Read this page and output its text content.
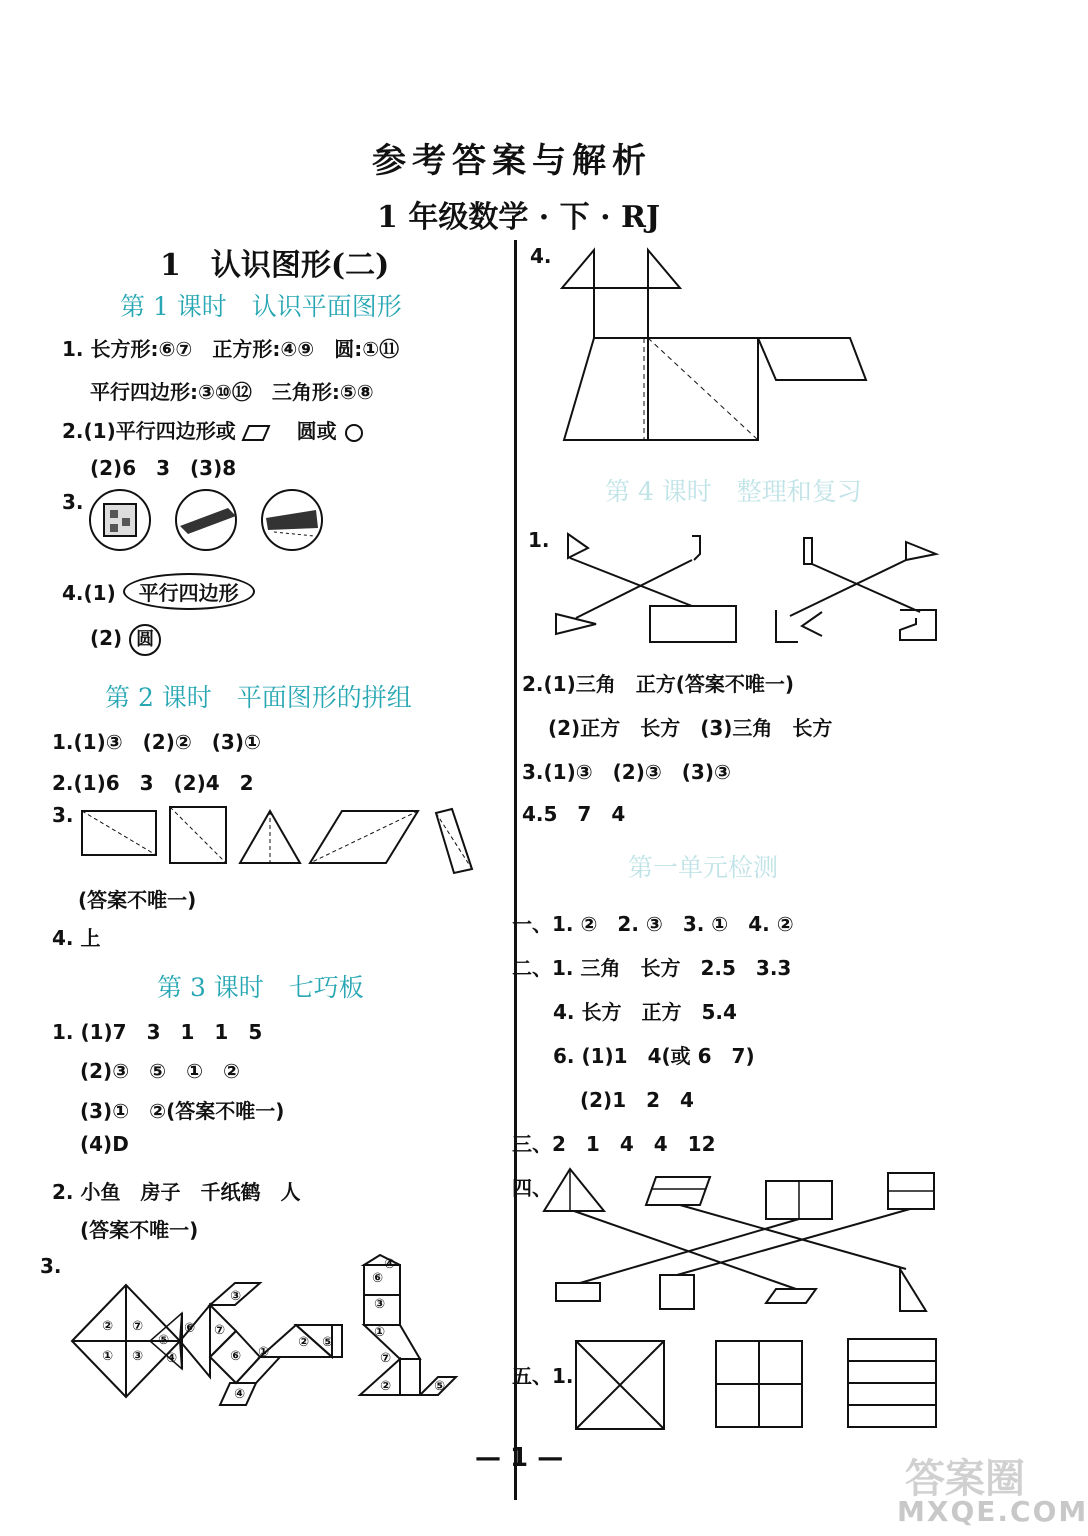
参考答案与解析
1 年级数学 · 下 · RJ
1　认识图形(二)
第 1 课时　认识平面图形
1. 长方形:⑥⑦　正方形:④⑨　圆:①⑪
平行四边形:③⑩⑫　三角形:⑤⑧
2.(1)平行四边形或	圆或
(2)6　3　(3)8
3.
4.(1) 平行四边形
(2) 圆
第 2 课时　平面图形的拼组
1.(1)③　(2)②　(3)①
2.(1)6　3　(2)4　2
3.
(答案不唯一)
4. 上
第 3 课时　七巧板
1. (1)7　3　1　1　5
(2)③　⑤　①　②
(3)①　②(答案不唯一)
(4)D
2. 小鱼　房子　千纸鹤　人
(答案不唯一)
3.
② ⑦
③ ④
①
⑤
⑥
③
⑦
⑥ ①
②
④
⑤
⑥
④
③
①
⑦
②	⑤
4.
第 4 课时　整理和复习
1.
2.(1)三角　正方(答案不唯一)
(2)正方　长方　(3)三角　长方
3.(1)③　(2)③　(3)③
4.5　7　4
第一单元检测
一、1. ②　2. ③　3. ①　4. ②
二、1. 三角　长方　2.5　3.3
4. 长方　正方　5.4
6. (1)1　4(或 6　7)
(2)1　2　4
三、2　1　4　4　12
四、
五、1.
— 1 —	答案圈
MXQE.COM
